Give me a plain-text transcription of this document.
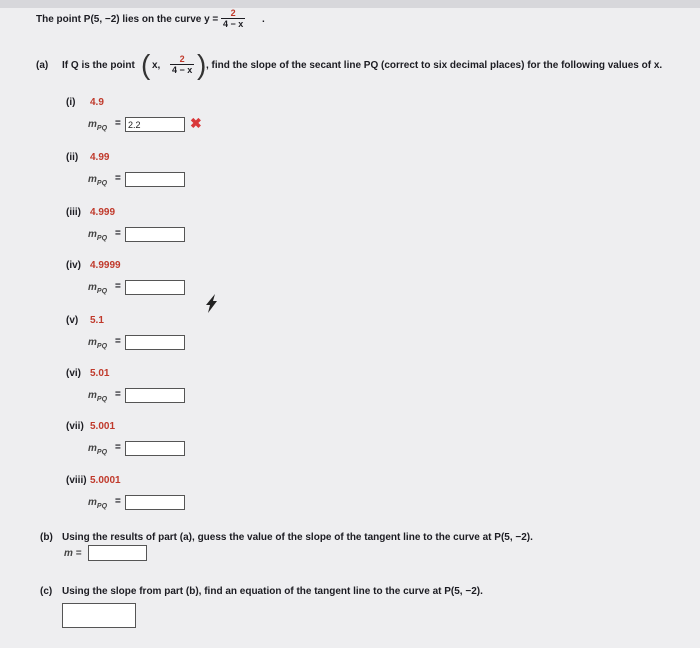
The point P(5, −2) lies on the curve $y = \frac{2}{4 - x}$ .
(a) If Q is the point ( x, $\frac{2}{4 - x}$ ) , find the slope of the secant line PQ (correct to six decimal places) for the following values of x.
(i) 4.9
$m_{PQ}$ =
2.2	✖
(ii) 4.99
$m_{PQ}$ =
(iii) 4.999
$m_{PQ}$ =
(iv) 4.9999
$m_{PQ}$ =
(v) 5.1
$m_{PQ}$ =
(vi) 5.01
$m_{PQ}$ =
(vii) 5.001
$m_{PQ}$ =
(viii) 5.0001
$m_{PQ}$ =
(b) Using the results of part (a), guess the value of the slope of the tangent line to the curve at P(5, −2).
m =
(c) Using the slope from part (b), find an equation of the tangent line to the curve at P(5, −2).
